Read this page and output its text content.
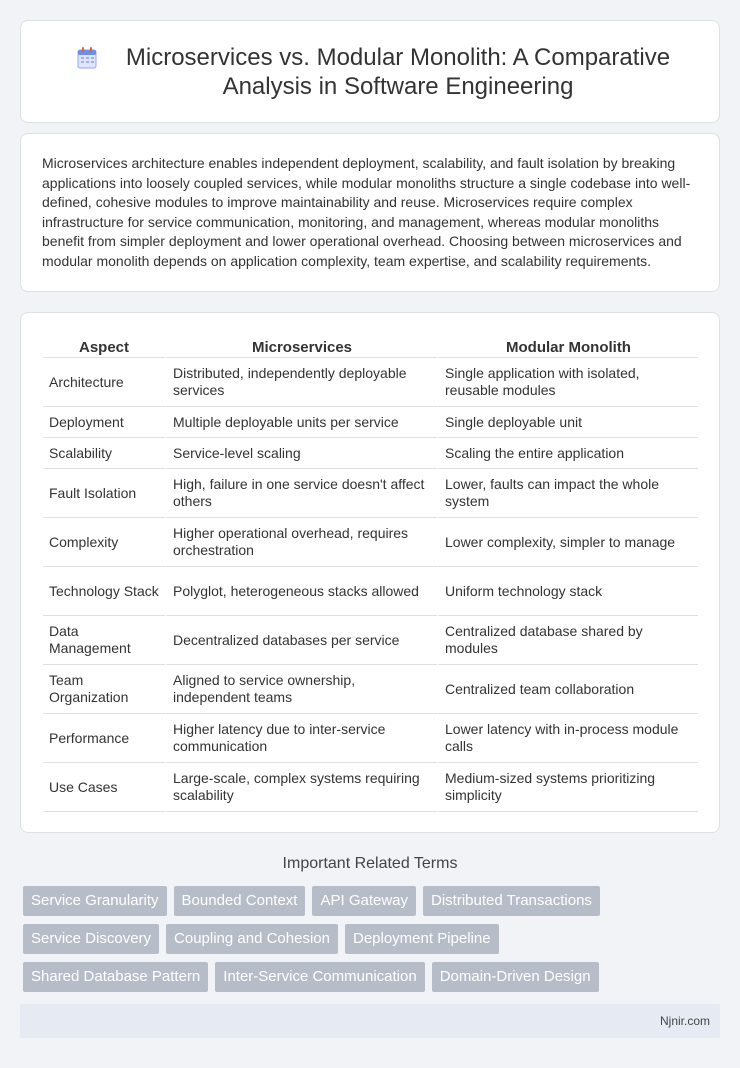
Microservices vs. Modular Monolith: A Comparative Analysis in Software Engineering

Microservices architecture enables independent deployment, scalability, and fault isolation by breaking applications into loosely coupled services, while modular monoliths structure a single codebase into well-defined, cohesive modules to improve maintainability and reuse. Microservices require complex infrastructure for service communication, monitoring, and management, whereas modular monoliths benefit from simpler deployment and lower operational overhead. Choosing between microservices and modular monolith depends on application complexity, team expertise, and scalability requirements.

Aspect	Microservices	Modular Monolith
Architecture	Distributed, independently deployable services	Single application with isolated, reusable modules
Deployment	Multiple deployable units per service	Single deployable unit
Scalability	Service-level scaling	Scaling the entire application
Fault Isolation	High, failure in one service doesn't affect others	Lower, faults can impact the whole system
Complexity	Higher operational overhead, requires orchestration	Lower complexity, simpler to manage
Technology Stack	Polyglot, heterogeneous stacks allowed	Uniform technology stack
Data Management	Decentralized databases per service	Centralized database shared by modules
Team Organization	Aligned to service ownership, independent teams	Centralized team collaboration
Performance	Higher latency due to inter-service communication	Lower latency with in-process module calls
Use Cases	Large-scale, complex systems requiring scalability	Medium-sized systems prioritizing simplicity
Important Related Terms
Service Granularity	Bounded Context	API Gateway	Distributed Transactions
Service Discovery	Coupling and Cohesion	Deployment Pipeline
Shared Database Pattern	Inter-Service Communication	Domain-Driven Design
Njnir.com
